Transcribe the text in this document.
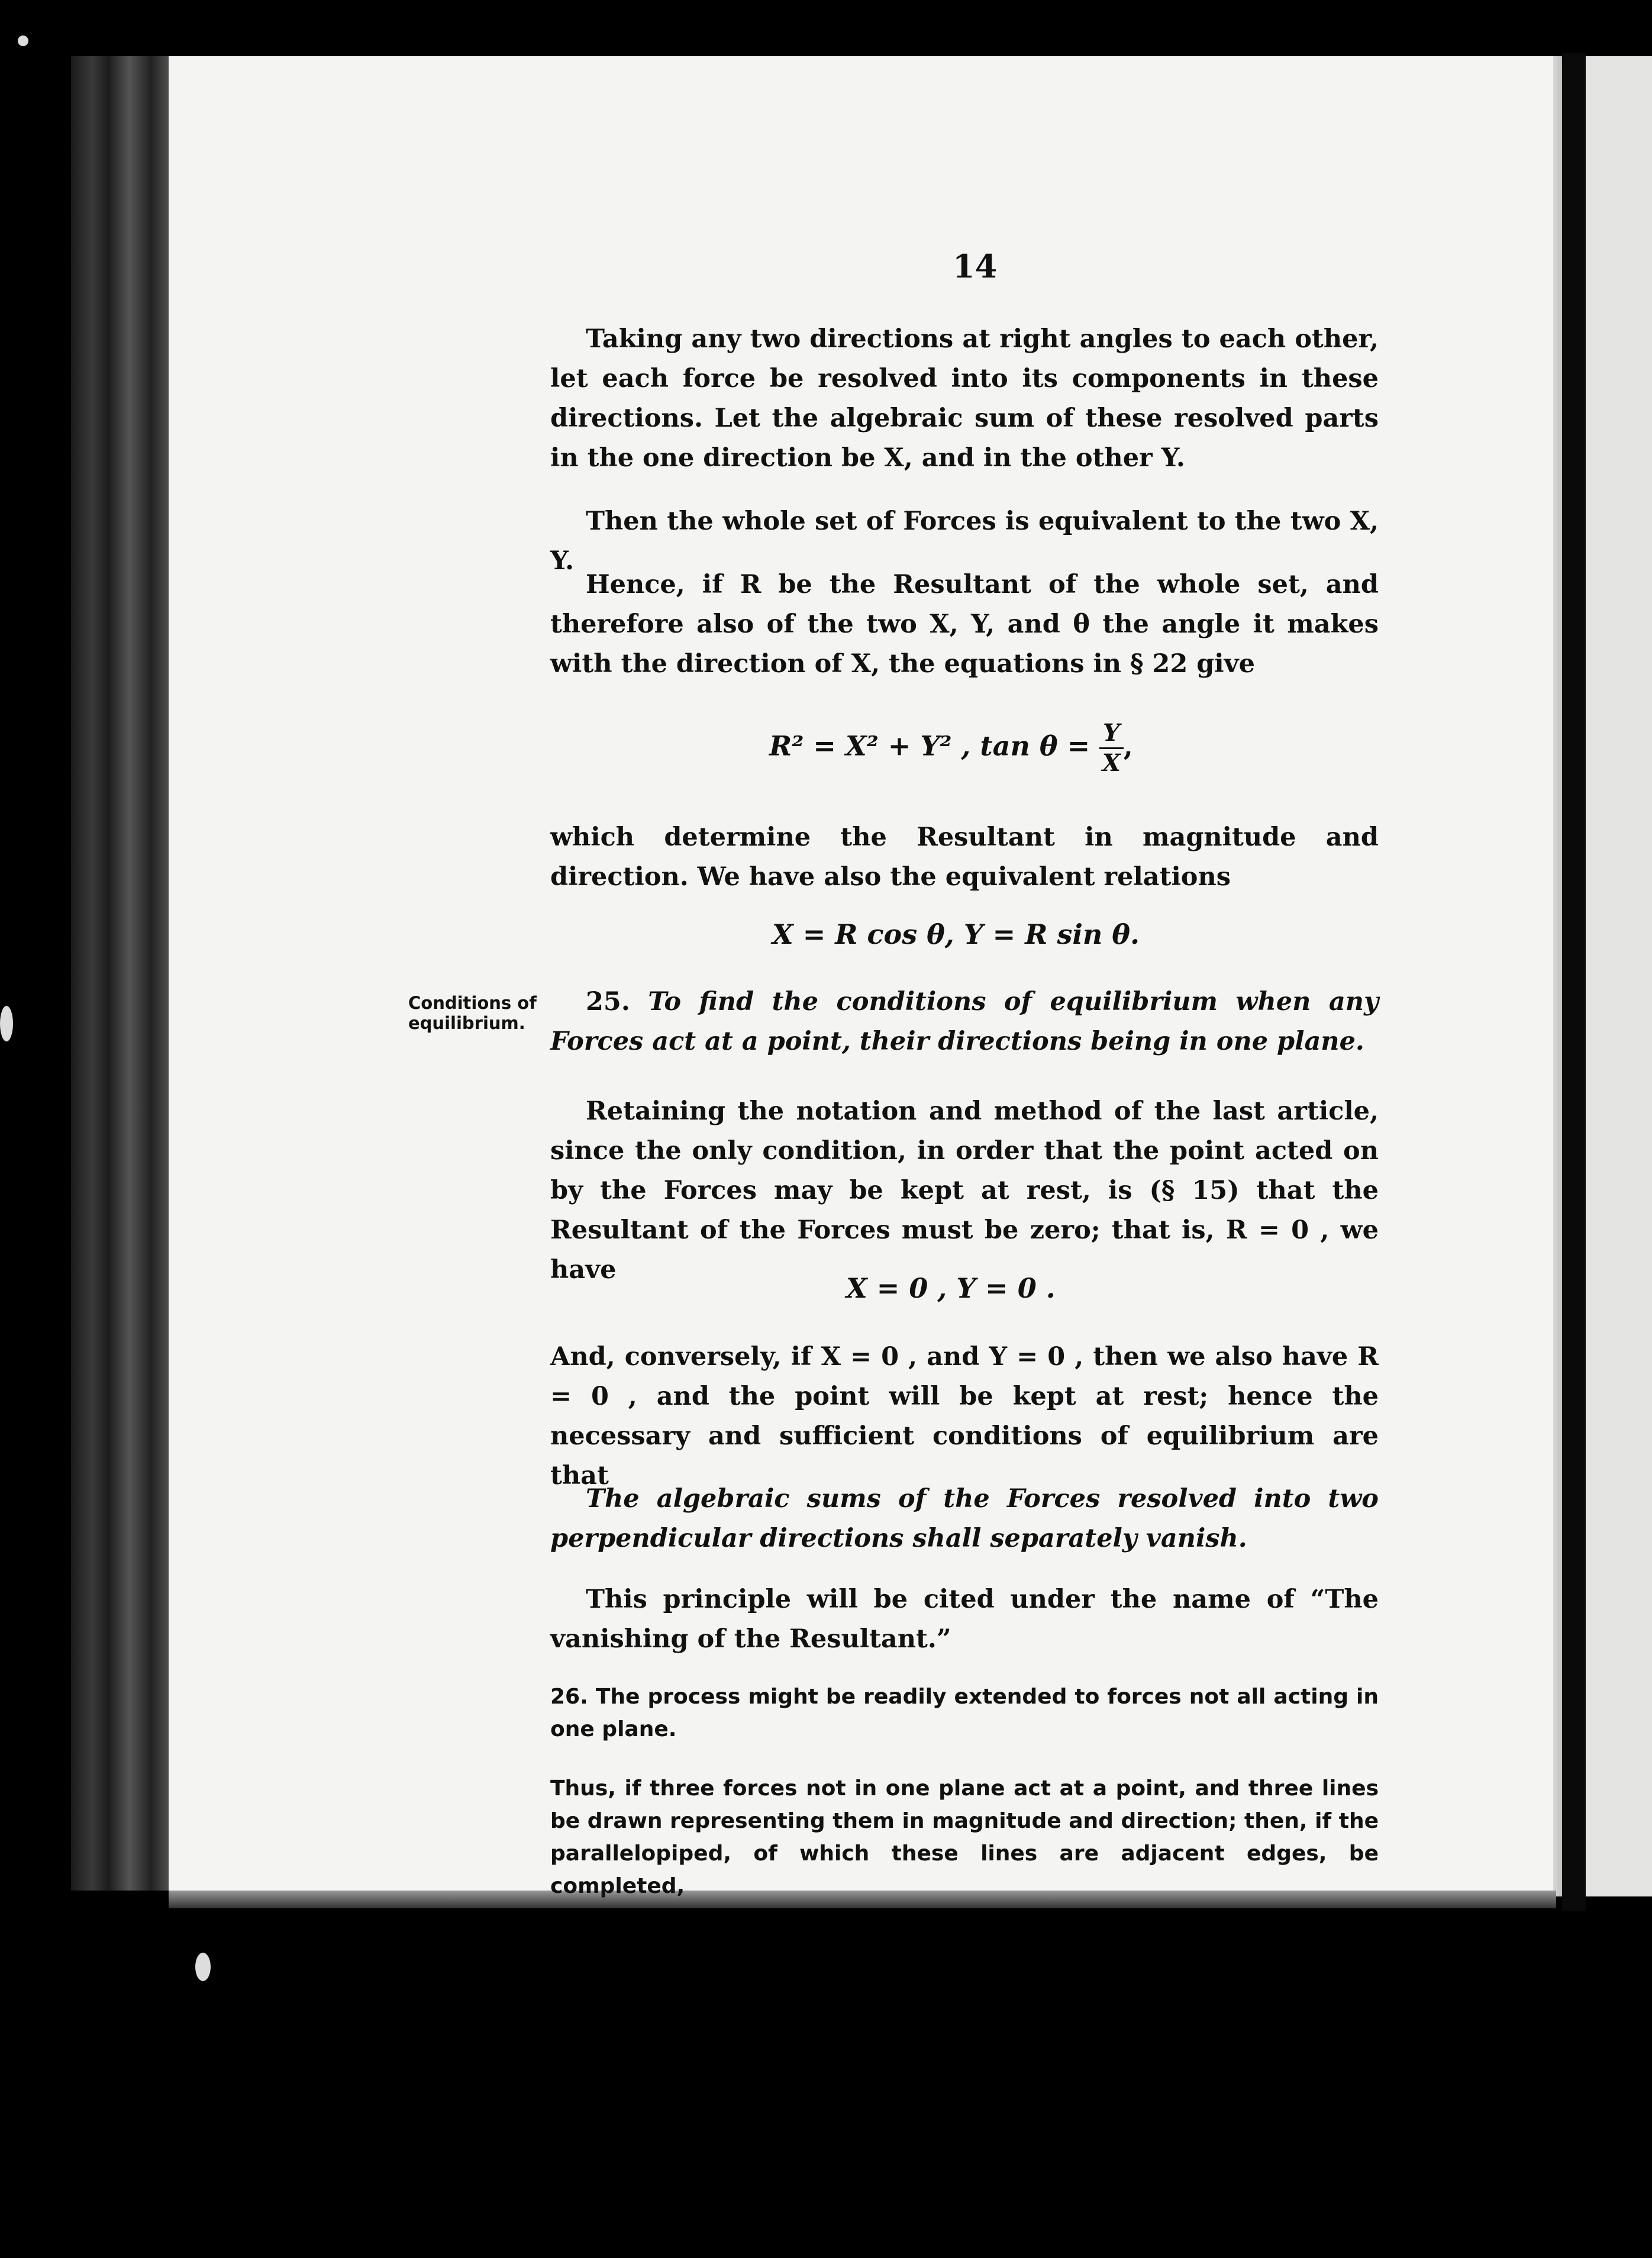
14

Taking any two directions at right angles to each other, let each force be resolved into its components in these directions. Let the algebraic sum of these resolved parts in the one direction be X, and in the other Y.

Then the whole set of Forces is equivalent to the two X, Y.

Hence, if R be the Resultant of the whole set, and therefore also of the two X, Y, and θ the angle it makes with the direction of X, the equations in § 22 give

R² = X² + Y² , $\tan \theta = \frac{Y}{X}$ ,

which determine the Resultant in magnitude and direction. We have also the equivalent relations

X = R cos θ, Y = R sin θ.
Conditions of equilibrium.

25. To find the conditions of equilibrium when any Forces act at a point, their directions being in one plane.

Retaining the notation and method of the last article, since the only condition, in order that the point acted on by the Forces may be kept at rest, is (§ 15) that the Resultant of the Forces must be zero; that is, R = 0 , we have

X = 0 , Y = 0 .

And, conversely, if X = 0 , and Y = 0 , then we also have R = 0 , and the point will be kept at rest; hence the necessary and sufficient conditions of equilibrium are that

The algebraic sums of the Forces resolved into two perpendicular directions shall separately vanish.

This principle will be cited under the name of “The vanishing of the Resultant.”

26. The process might be readily extended to forces not all acting in one plane.

Thus, if three forces not in one plane act at a point, and three lines be drawn representing them in magnitude and direction; then, if the parallelopiped, of which these lines are adjacent edges, be completed,
